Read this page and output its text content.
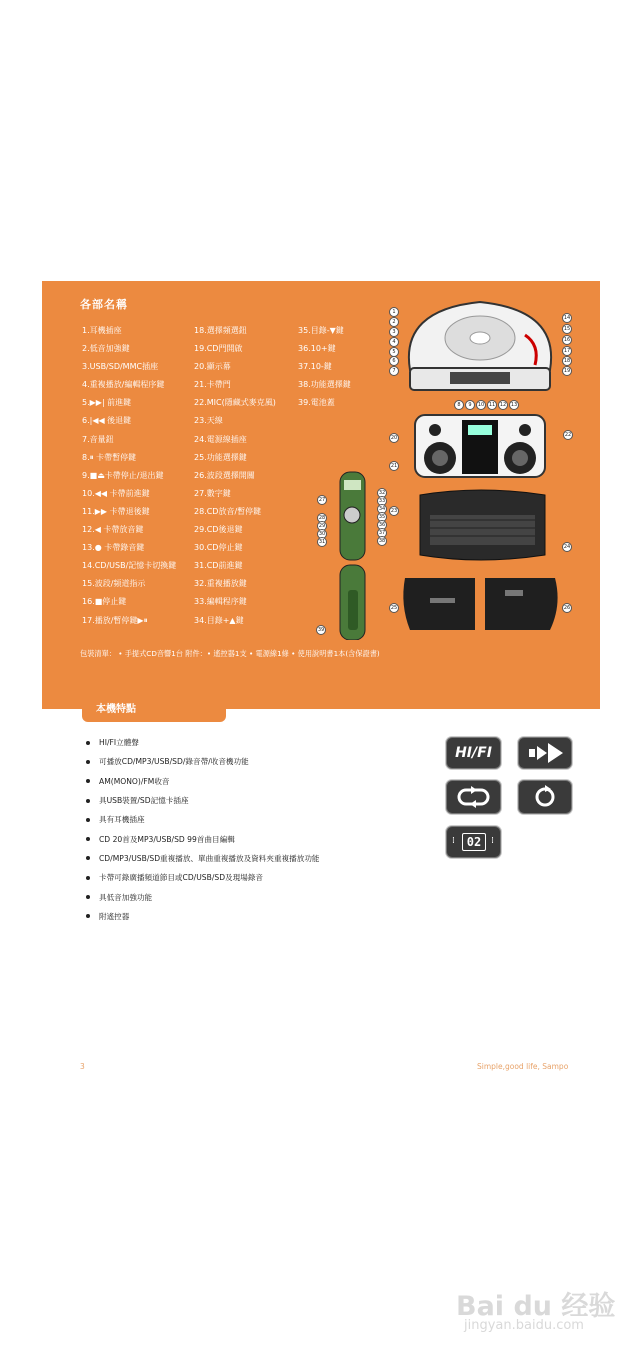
各部名稱
1.耳機插座
2.低音加強鍵
3.USB/SD/MMC插座
4.重複播放/編輯程序鍵
5.▶▶| 前進鍵
6.|◀◀ 後退鍵
7.音量鈕
8.⏸ 卡帶暫停鍵
9.■⏏卡帶停止/退出鍵
10.◀◀ 卡帶前進鍵
11.▶▶ 卡帶退後鍵
12.◀ 卡帶放音鍵
13.● 卡帶錄音鍵
14.CD/USB/記憶卡切換鍵
15.波段/頻道指示
16.■停止鍵
17.播放/暫停鍵▶⏸
18.選擇頻選鈕
19.CD門開啟
20.顯示幕
21.卡帶門
22.MIC(隱藏式麥克風)
23.天線
24.電源線插座
25.功能選擇鍵
26.波段選擇開關
27.數字鍵
28.CD放音/暫停鍵
29.CD後退鍵
30.CD停止鍵
31.CD前進鍵
32.重複播放鍵
33.編輯程序鍵
34.目錄+▲鍵
35.目錄-▼鍵
36.10+鍵
37.10-鍵
38.功能選擇鍵
39.電池蓋
1
2
3
4
5
6
7
14
15
16
17
18
19
8	9	10 11 12 13
20
21
22
27
28
29
30
31
32
33
34
35
36
37
38
39
23
24
25	26
包裝清單： • 手提式CD音響1台 附件：• 遙控器1支 • 電源線1條 • 使用說明書1本(含保證書)
本機特點
HI/FI立體聲
可播放CD/MP3/USB/SD/錄音帶/收音機功能
AM(MONO)/FM收音
具USB裝置/SD記憶卡插座
具有耳機插座
CD 20首及MP3/USB/SD 99首曲目編輯
CD/MP3/USB/SD重複播放、單曲重複播放及資料夾重複播放功能
卡帶可錄廣播頻道節目或CD/USB/SD及現場錄音
具低音加強功能
附遙控器
HI/FI
02
⁞	⁞
3	Simple,good life, Sampo
Bai du 经验
jingyan.baidu.com
